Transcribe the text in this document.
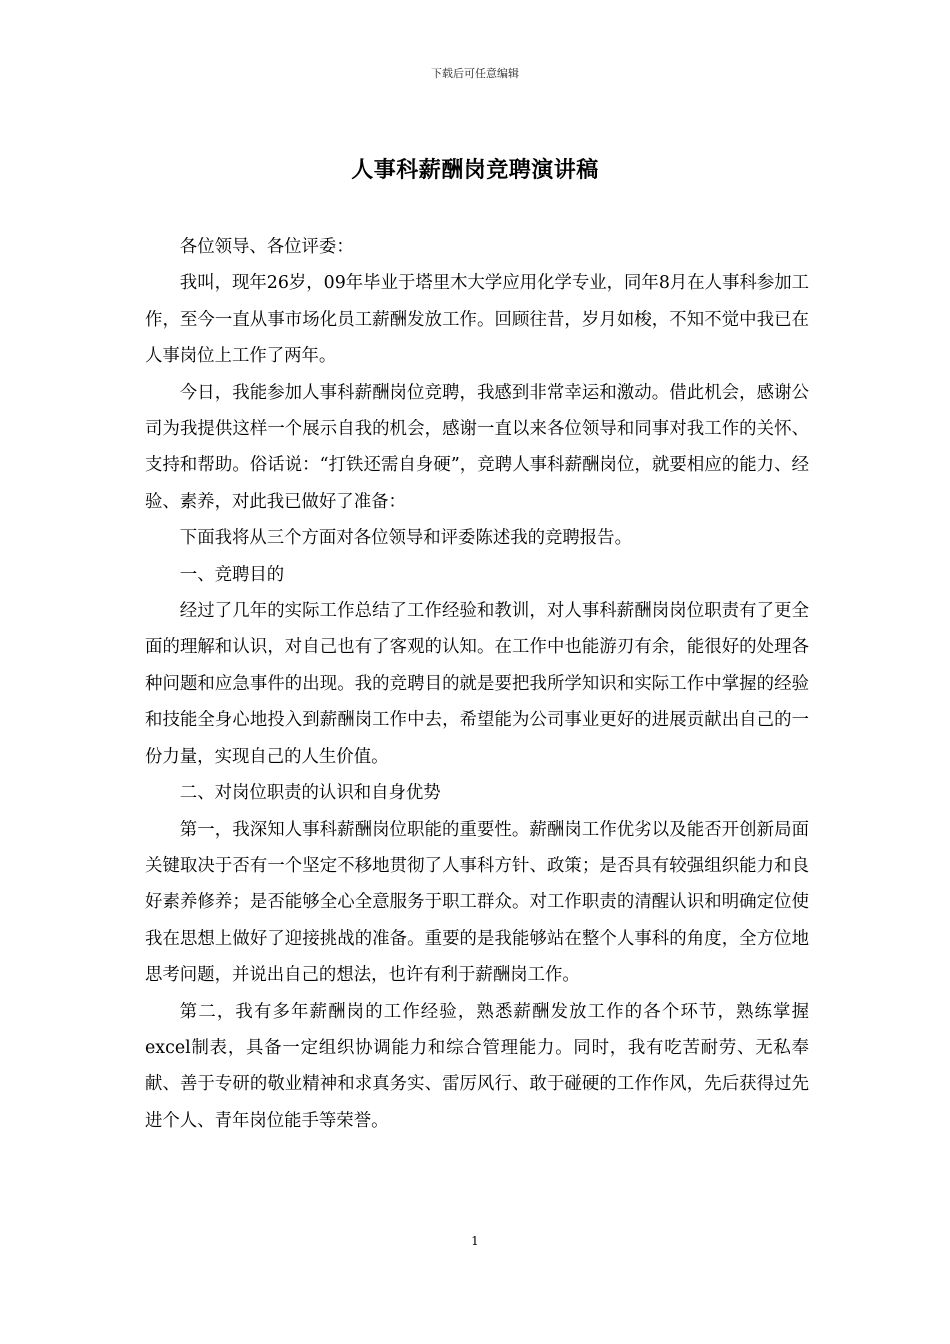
下载后可任意编辑
人事科薪酬岗竞聘演讲稿

各位领导、各位评委：

我叫，现年26岁，09年毕业于塔里木大学应用化学专业，同年8月在人事科参加工作，至今一直从事市场化员工薪酬发放工作。回顾往昔，岁月如梭，不知不觉中我已在人事岗位上工作了两年。

今日，我能参加人事科薪酬岗位竞聘，我感到非常幸运和激动。借此机会，感谢公司为我提供这样一个展示自我的机会，感谢一直以来各位领导和同事对我工作的关怀、支持和帮助。俗话说：“打铁还需自身硬”，竞聘人事科薪酬岗位，就要相应的能力、经验、素养，对此我已做好了准备：

下面我将从三个方面对各位领导和评委陈述我的竞聘报告。

一、竞聘目的

经过了几年的实际工作总结了工作经验和教训，对人事科薪酬岗岗位职责有了更全面的理解和认识，对自己也有了客观的认知。在工作中也能游刃有余，能很好的处理各种问题和应急事件的出现。我的竞聘目的就是要把我所学知识和实际工作中掌握的经验和技能全身心地投入到薪酬岗工作中去，希望能为公司事业更好的进展贡献出自己的一份力量，实现自己的人生价值。

二、对岗位职责的认识和自身优势

第一，我深知人事科薪酬岗位职能的重要性。薪酬岗工作优劣以及能否开创新局面关键取决于否有一个坚定不移地贯彻了人事科方针、政策；是否具有较强组织能力和良好素养修养；是否能够全心全意服务于职工群众。对工作职责的清醒认识和明确定位使我在思想上做好了迎接挑战的准备。重要的是我能够站在整个人事科的角度，全方位地思考问题，并说出自己的想法，也许有利于薪酬岗工作。

第二，我有多年薪酬岗的工作经验，熟悉薪酬发放工作的各个环节，熟练掌握excel制表，具备一定组织协调能力和综合管理能力。同时，我有吃苦耐劳、无私奉献、善于专研的敬业精神和求真务实、雷厉风行、敢于碰硬的工作作风，先后获得过先进个人、青年岗位能手等荣誉。

1
